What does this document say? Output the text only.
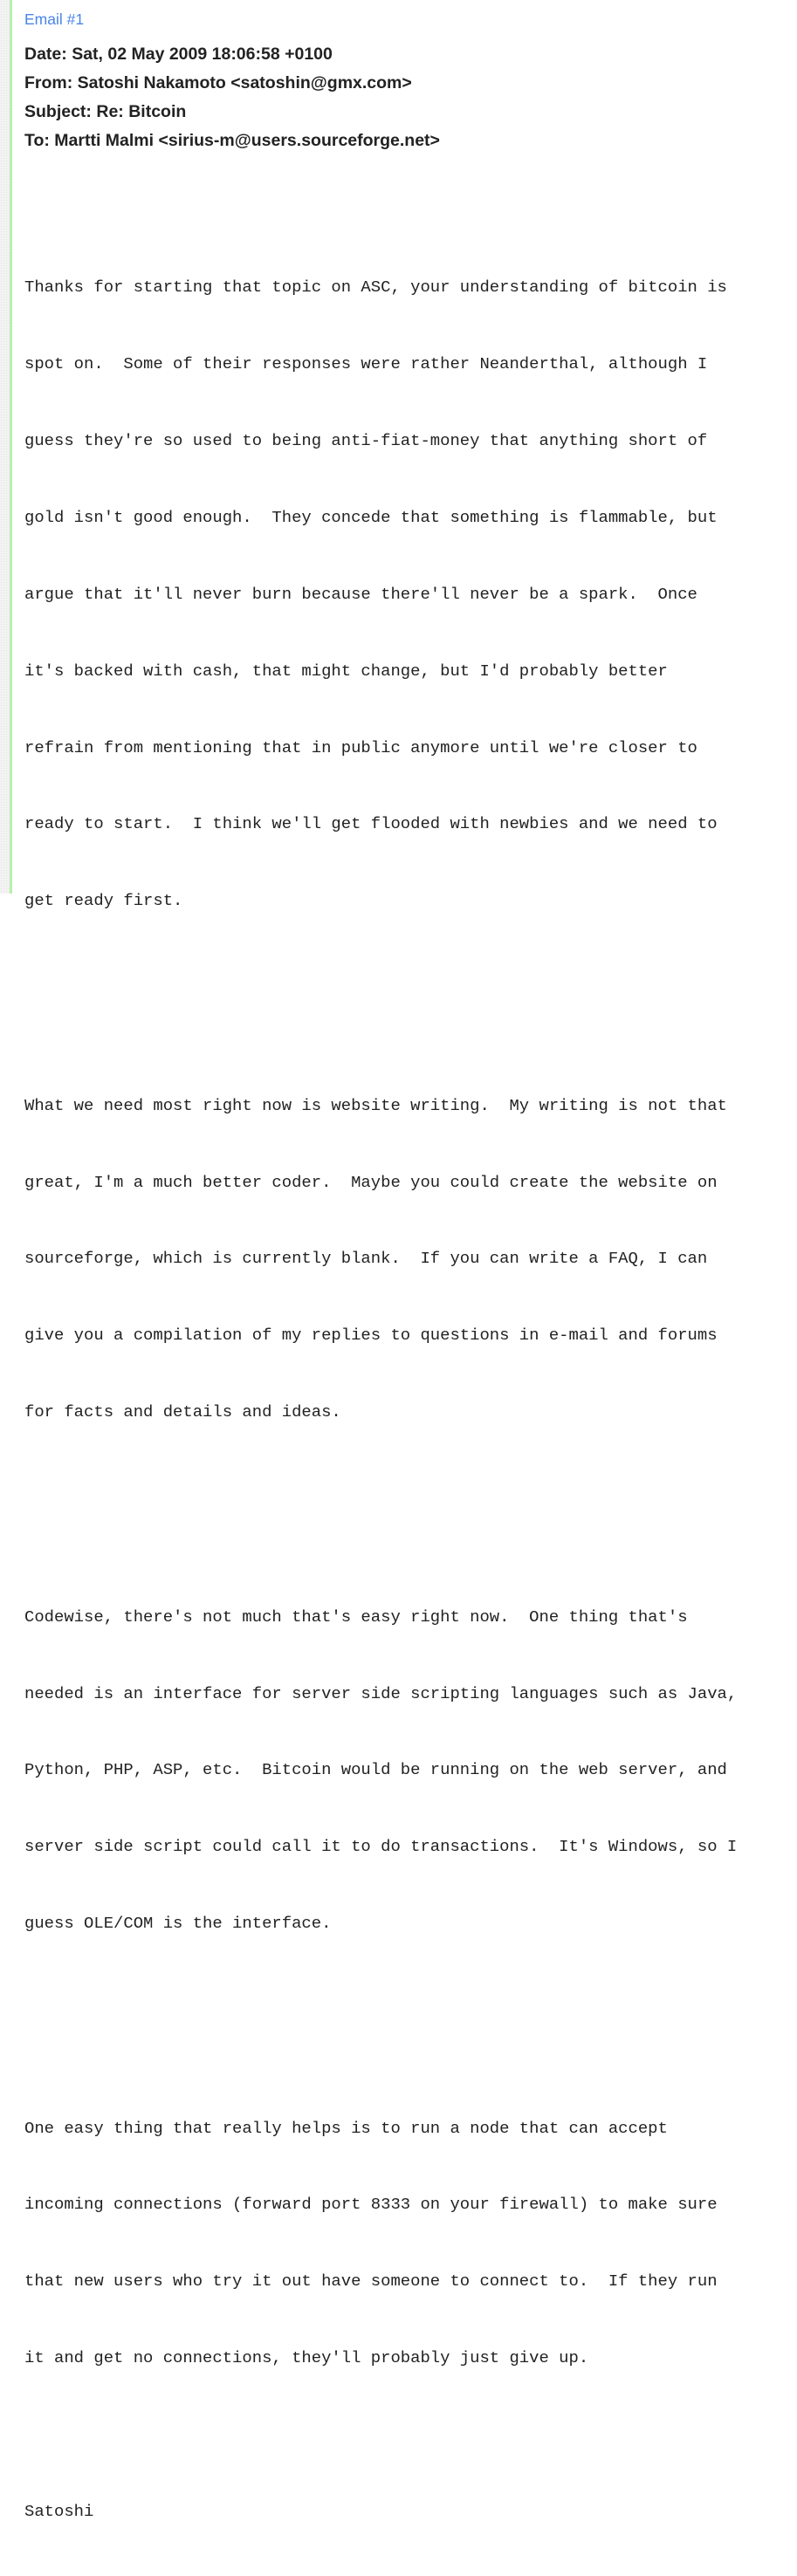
Email #1
Date: Sat, 02 May 2009 18:06:58 +0100
From: Satoshi Nakamoto <satoshin@gmx.com>
Subject: Re: Bitcoin
To: Martti Malmi <sirius-m@users.sourceforge.net>

Thanks for starting that topic on ASC, your understanding of bitcoin is

spot on.  Some of their responses were rather Neanderthal, although I

guess they're so used to being anti-fiat-money that anything short of

gold isn't good enough.  They concede that something is flammable, but

argue that it'll never burn because there'll never be a spark.  Once

it's backed with cash, that might change, but I'd probably better

refrain from mentioning that in public anymore until we're closer to

ready to start.  I think we'll get flooded with newbies and we need to

get ready first.

What we need most right now is website writing.  My writing is not that

great, I'm a much better coder.  Maybe you could create the website on

sourceforge, which is currently blank.  If you can write a FAQ, I can

give you a compilation of my replies to questions in e-mail and forums

for facts and details and ideas.

Codewise, there's not much that's easy right now.  One thing that's

needed is an interface for server side scripting languages such as Java,

Python, PHP, ASP, etc.  Bitcoin would be running on the web server, and

server side script could call it to do transactions.  It's Windows, so I

guess OLE/COM is the interface.

One easy thing that really helps is to run a node that can accept

incoming connections (forward port 8333 on your firewall) to make sure

that new users who try it out have someone to connect to.  If they run

it and get no connections, they'll probably just give up.

Satoshi
